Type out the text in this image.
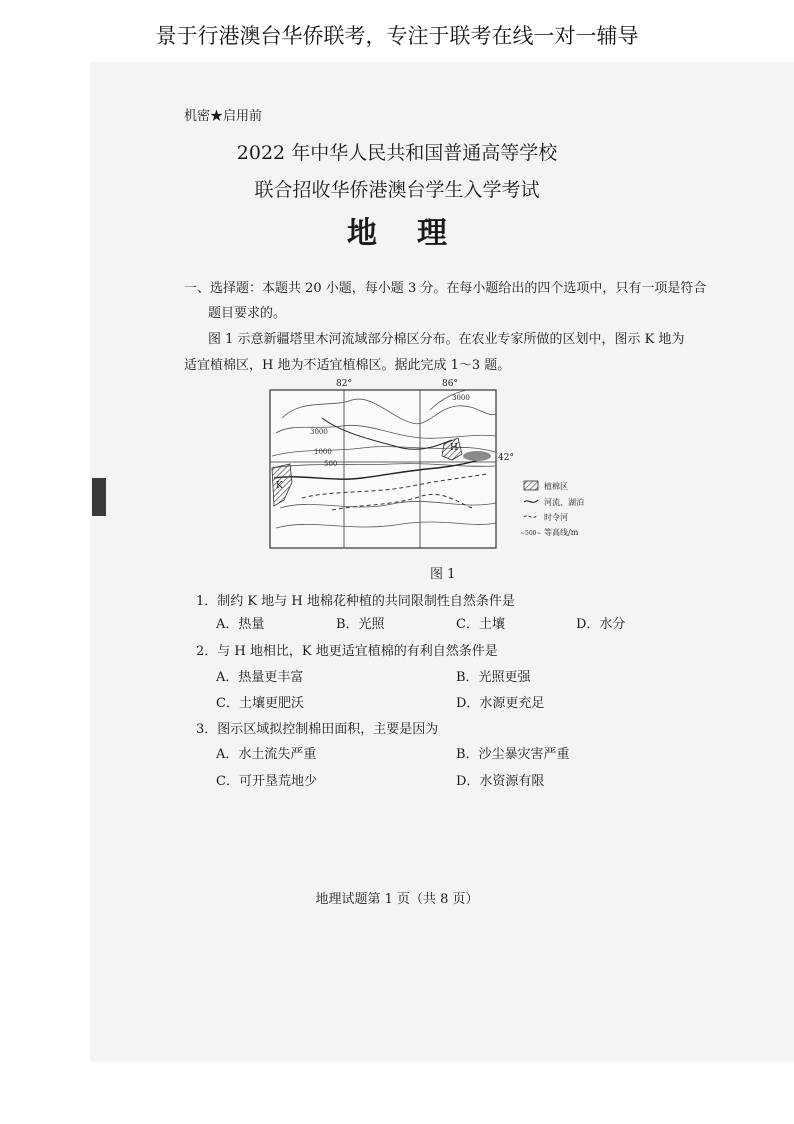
景于行港澳台华侨联考，专注于联考在线一对一辅导
机密★启用前
2022 年中华人民共和国普通高等学校
联合招收华侨港澳台学生入学考试
地理
一、选择题：本题共 20 小题，每小题 3 分。在每小题给出的四个选项中，只有一项是符合
题目要求的。
图 1 示意新疆塔里木河流域部分棉区分布。在农业专家所做的区划中，图示 K 地为
适宜植棉区，H 地为不适宜植棉区。据此完成 1～3 题。
82°	86°
42°
3000
1000
500
3000
K
H
植棉区
河流、湖泊
时令河
~500~ 等高线/m
图 1
1．制约 K 地与 H 地棉花种植的共同限制性自然条件是
A．热量	B．光照	C．土壤	D．水分
2．与 H 地相比，K 地更适宜植棉的有利自然条件是
A．热量更丰富	B．光照更强
C．土壤更肥沃	D．水源更充足
3．图示区域拟控制棉田面积，主要是因为
A．水土流失严重	B．沙尘暴灾害严重
C．可开垦荒地少	D．水资源有限
地理试题第 1 页（共 8 页）
